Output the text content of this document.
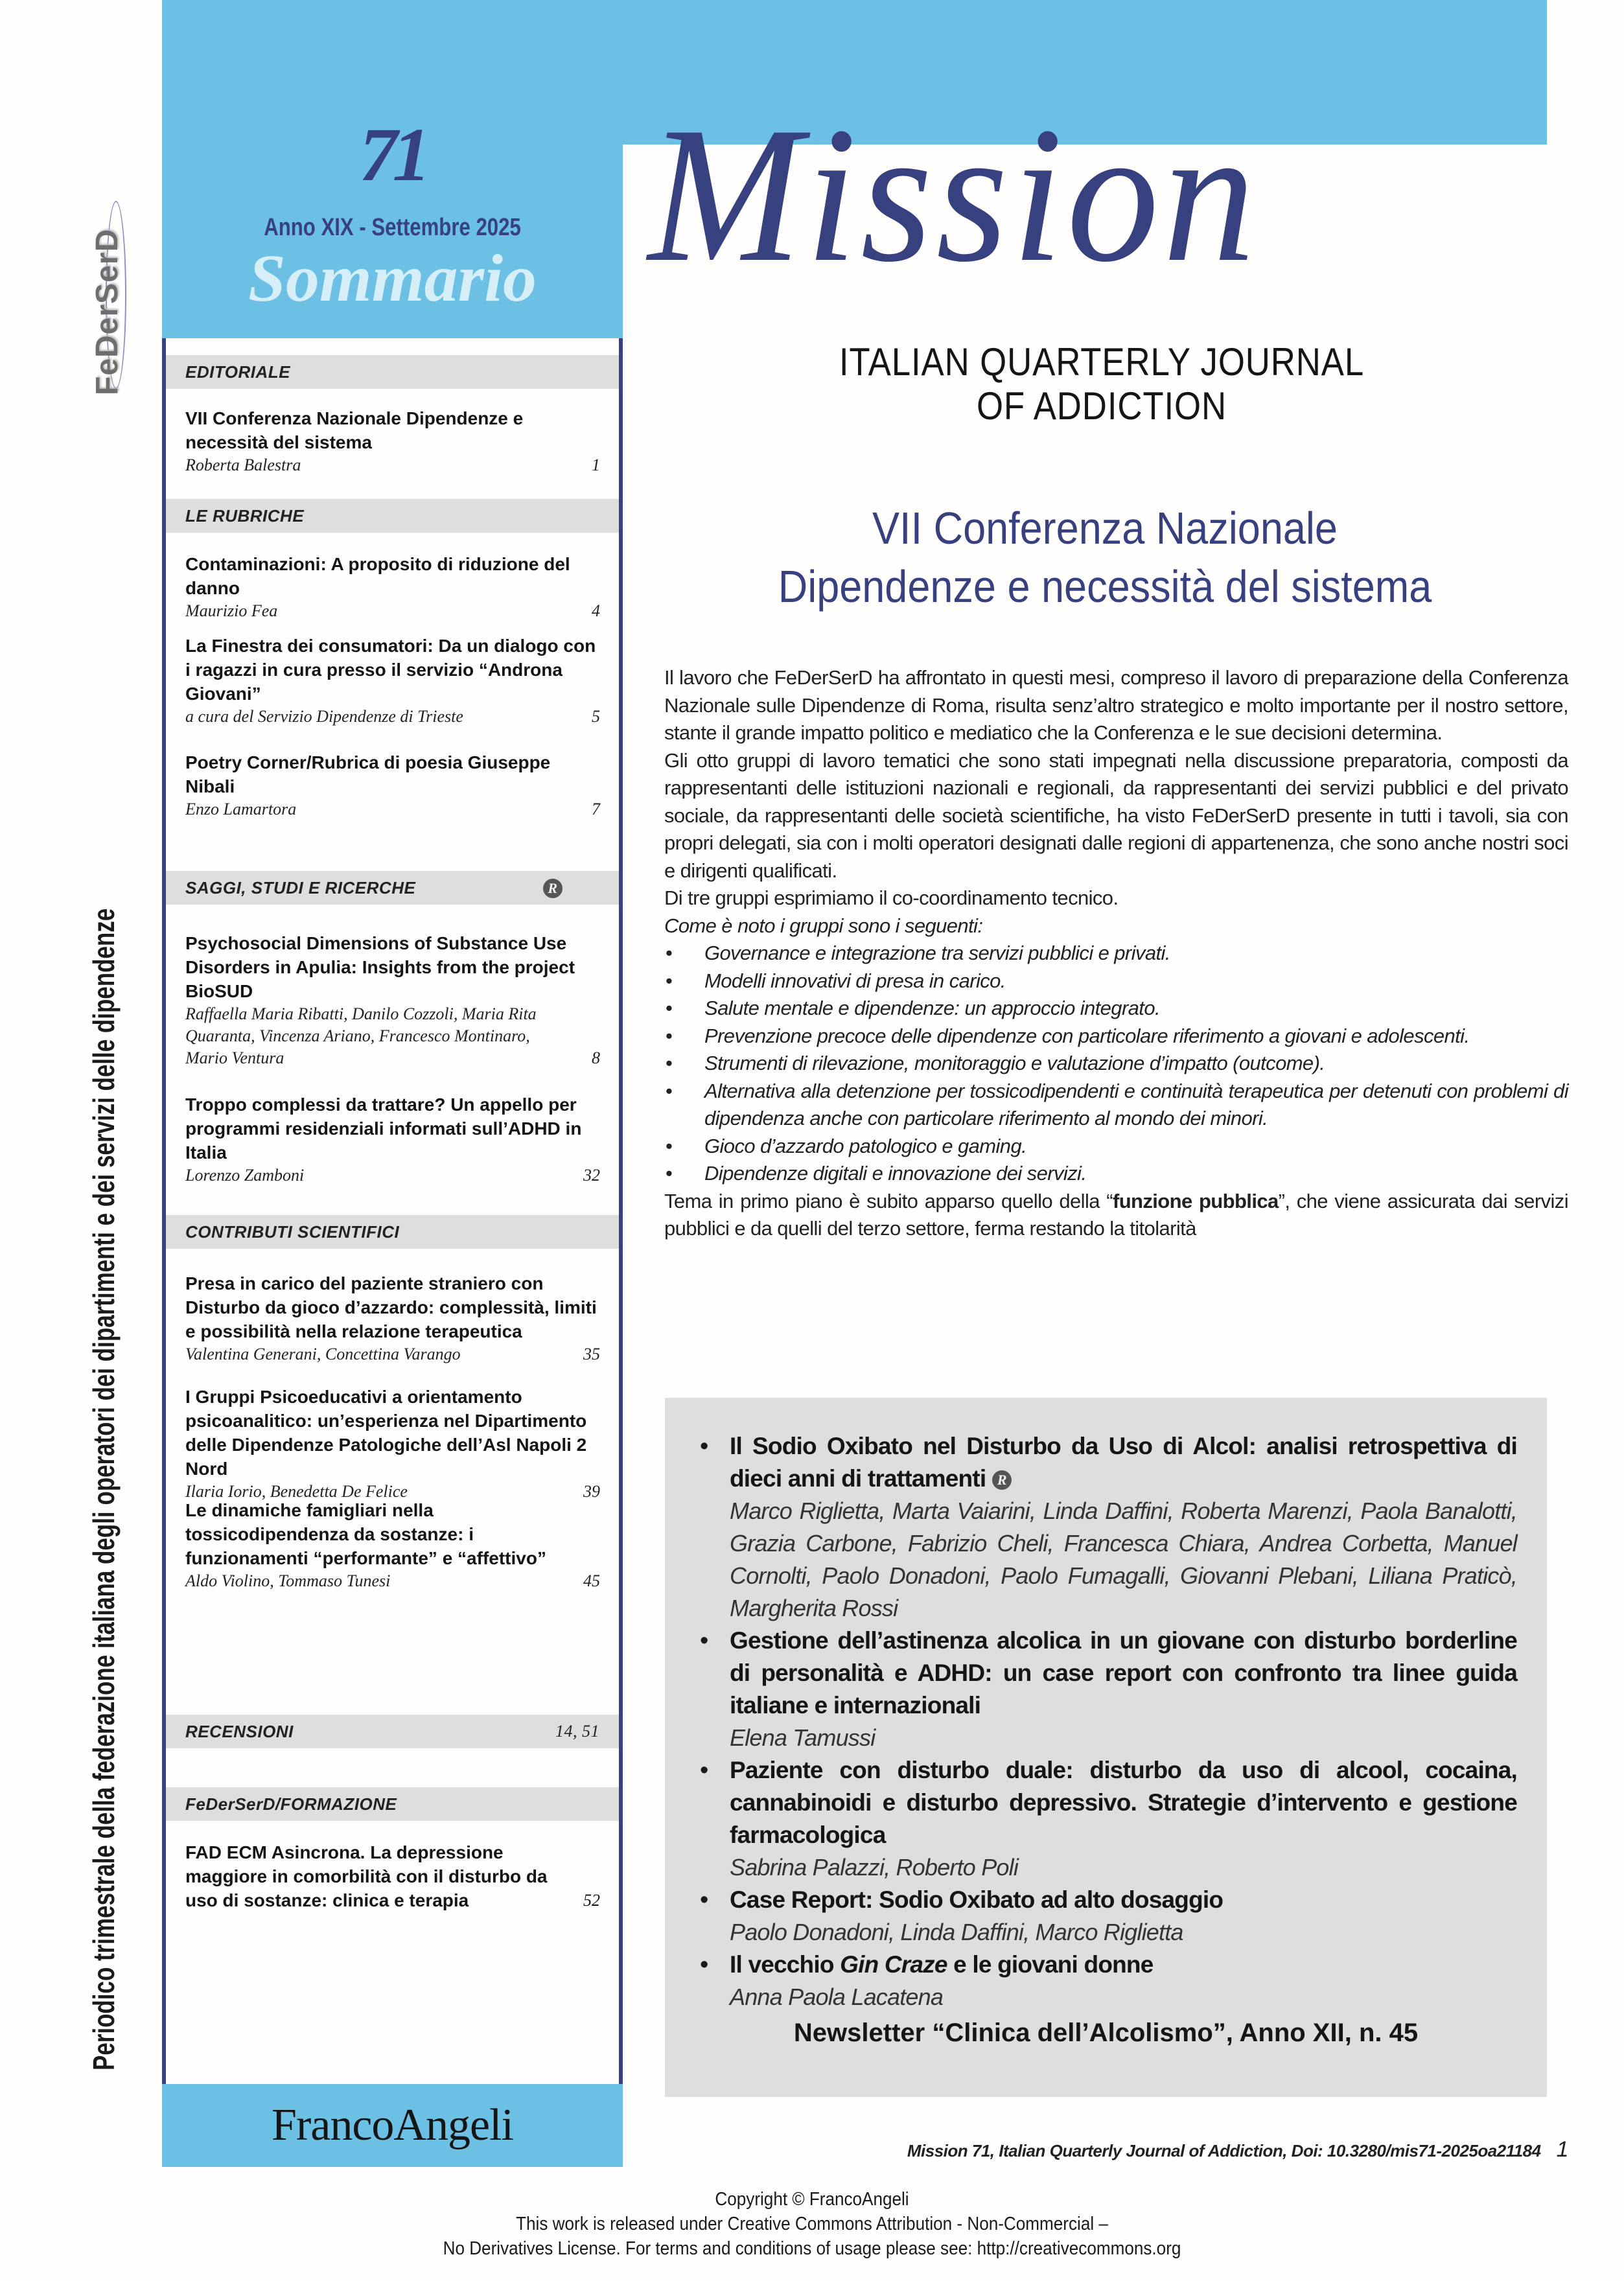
71
Anno XIX - Settembre 2025
Sommario
FeDerSerD
Periodico trimestrale della federazione italiana degli operatori dei dipartimenti e dei servizi delle dipendenze
EDITORIALE
VII Conferenza Nazionale Dipendenze e necessità del sistema
Roberta Balestra	1
LE RUBRICHE
Contaminazioni: A proposito di riduzione del danno
Maurizio Fea	4
La Finestra dei consumatori: Da un dialogo con i ragazzi in cura presso il servizio “Androna Giovani”
a cura del Servizio Dipendenze di Trieste	5
Poetry Corner/Rubrica di poesia Giuseppe Nibali
Enzo Lamartora	7
SAGGI, STUDI E RICERCHE	R
Psychosocial Dimensions of Substance Use Disorders in Apulia: Insights from the project BioSUD
Raffaella Maria Ribatti, Danilo Cozzoli, Maria Rita Quaranta, Vincenza Ariano, Francesco Montinaro, Mario Ventura	8
Troppo complessi da trattare? Un appello per programmi residenziali informati sull’ADHD in Italia
Lorenzo Zamboni	32
CONTRIBUTI SCIENTIFICI
Presa in carico del paziente straniero con Disturbo da gioco d’azzardo: complessità, limiti e possibilità nella relazione terapeutica
Valentina Generani, Concettina Varango	35
I Gruppi Psicoeducativi a orientamento psicoanalitico: un’esperienza nel Dipartimento delle Dipendenze Patologiche dell’Asl Napoli 2 Nord
Ilaria Iorio, Benedetta De Felice	39
Le dinamiche famigliari nella tossicodipendenza da sostanze: i funzionamenti “performante” e “affettivo”
Aldo Violino, Tommaso Tunesi	45
RECENSIONI	14, 51
FeDerSerD/FORMAZIONE
FAD ECM Asincrona. La depressione maggiore in comorbilità con il disturbo da uso di sostanze: clinica e terapia	52
FrancoAngeli
Mission
ITALIAN QUARTERLY JOURNAL
OF ADDICTION
VII Conferenza Nazionale
Dipendenze e necessità del sistema

Il lavoro che FeDerSerD ha affrontato in questi mesi, compreso il lavoro di preparazione della Conferenza Nazionale sulle Dipendenze di Roma, risulta senz’altro strategico e molto importante per il nostro settore, stante il grande impatto politico e mediatico che la Conferenza e le sue decisioni determina.

Gli otto gruppi di lavoro tematici che sono stati impegnati nella discussione preparatoria, composti da rappresentanti delle istituzioni nazionali e regionali, da rappresentanti dei servizi pubblici e del privato sociale, da rappresentanti delle società scientifiche, ha visto FeDerSerD presente in tutti i tavoli, sia con propri delegati, sia con i molti operatori designati dalle regioni di appartenenza, che sono anche nostri soci e dirigenti qualificati.

Di tre gruppi esprimiamo il co-coordinamento tecnico.

Come è noto i gruppi sono i seguenti:

• Governance e integrazione tra servizi pubblici e privati.
• Modelli innovativi di presa in carico.
• Salute mentale e dipendenze: un approccio integrato.
• Prevenzione precoce delle dipendenze con particolare riferimento a giovani e adolescenti.
• Strumenti di rilevazione, monitoraggio e valutazione d’impatto (outcome).
• Alternativa alla detenzione per tossicodipendenti e continuità terapeutica per detenuti con problemi di dipendenza anche con particolare riferimento al mondo dei minori.
• Gioco d’azzardo patologico e gaming.
• Dipendenze digitali e innovazione dei servizi.

Tema in primo piano è subito apparso quello della “funzione pubblica”, che viene assicurata dai servizi pubblici e da quelli del terzo settore, ferma restando la titolarità

• Il Sodio Oxibato nel Disturbo da Uso di Alcol: analisi retrospettiva di dieci anni di trattamenti R
Marco Riglietta, Marta Vaiarini, Linda Daffini, Roberta Marenzi, Paola Banalotti, Grazia Carbone, Fabrizio Cheli, Francesca Chiara, Andrea Corbetta, Manuel Cornolti, Paolo Donadoni, Paolo Fumagalli, Giovanni Plebani, Liliana Praticò, Margherita Rossi
• Gestione dell’astinenza alcolica in un giovane con disturbo borderline di personalità e ADHD: un case report con confronto tra linee guida italiane e internazionali
Elena Tamussi
• Paziente con disturbo duale: disturbo da uso di alcool, cocaina, cannabinoidi e disturbo depressivo. Strategie d’intervento e gestione farmacologica
Sabrina Palazzi, Roberto Poli
• Case Report: Sodio Oxibato ad alto dosaggio
Paolo Donadoni, Linda Daffini, Marco Riglietta
• Il vecchio Gin Craze e le giovani donne
Anna Paola Lacatena
Newsletter “Clinica dell’Alcolismo”, Anno XII, n. 45
Mission 71, Italian Quarterly Journal of Addiction, Doi: 10.3280/mis71-2025oa21184 1
Copyright © FrancoAngeli
This work is released under Creative Commons Attribution - Non-Commercial –
No Derivatives License. For terms and conditions of usage please see: http://creativecommons.org
